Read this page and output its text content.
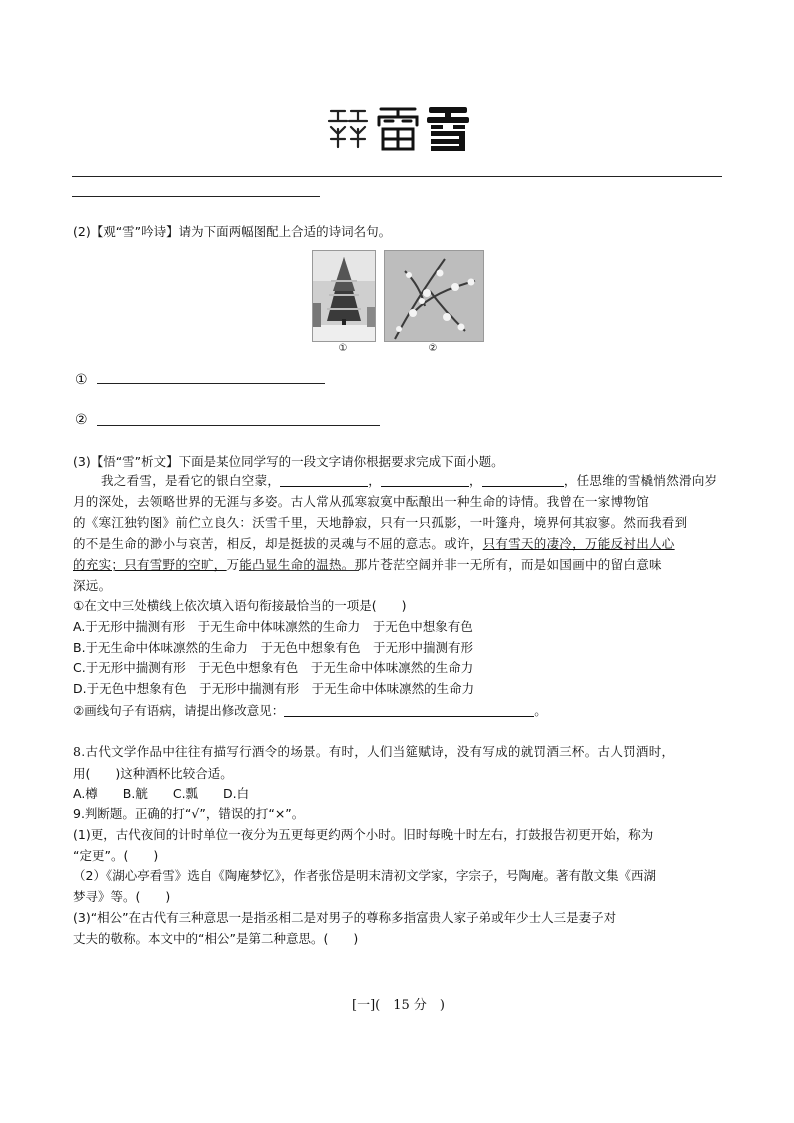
(2)【观“雪”吟诗】请为下面两幅图配上合适的诗词名句。
①	②
①
②
(3)【悟“雪”析文】下面是某位同学写的一段文字请你根据要求完成下面小题。
我之看雪，是看它的银白空蒙，	，	，	，任思维的雪橇悄然滑向岁
月的深处，去领略世界的无涯与多姿。古人常从孤寒寂寞中酝酿出一种生命的诗情。我曾在一家博物馆
的《寒江独钓图》前伫立良久：沃雪千里，天地静寂，只有一只孤影，一叶篷舟，境界何其寂寥。然而我看到
的不是生命的渺小与哀苦，相反，却是挺拔的灵魂与不屈的意志。或许，只有雪天的凄冷，万能反衬出人心
的充实；只有雪野的空旷，万能凸显生命的温热。那片苍茫空阔并非一无所有，而是如国画中的留白意味
深远。
①在文中三处横线上依次填入语句衔接最恰当的一项是(　　)
A.于无形中揣测有形　于无生命中体味凛然的生命力　于无色中想象有色
B.于无生命中体味凛然的生命力　于无色中想象有色　于无形中揣测有形
C.于无形中揣测有形　于无色中想象有色　于无生命中体味凛然的生命力
D.于无色中想象有色　于无形中揣测有形　于无生命中体味凛然的生命力
②画线句子有语病，请提出修改意见：	。
8.古代文学作品中往往有描写行酒令的场景。有时，人们当筵赋诗，没有写成的就罚酒三杯。古人罚酒时，
用(　　)这种酒杯比较合适。
A.樽　　B.觥　　C.瓢　　D.白
9.判断题。正确的打“√”，错误的打“×”。
(1)更，古代夜间的计时单位一夜分为五更每更约两个小时。旧时每晚十时左右，打鼓报告初更开始，称为
“定更”。(　　)
（2）《湖心亭看雪》选自《陶庵梦忆》，作者张岱是明末清初文学家，字宗子，号陶庵。著有散文集《西湖
梦寻》等。(　　)
(3)“相公”在古代有三种意思一是指丞相二是对男子的尊称多指富贵人家子弟或年少士人三是妻子对
丈夫的敬称。本文中的“相公”是第二种意思。(　　)
[一](　15 分　)
